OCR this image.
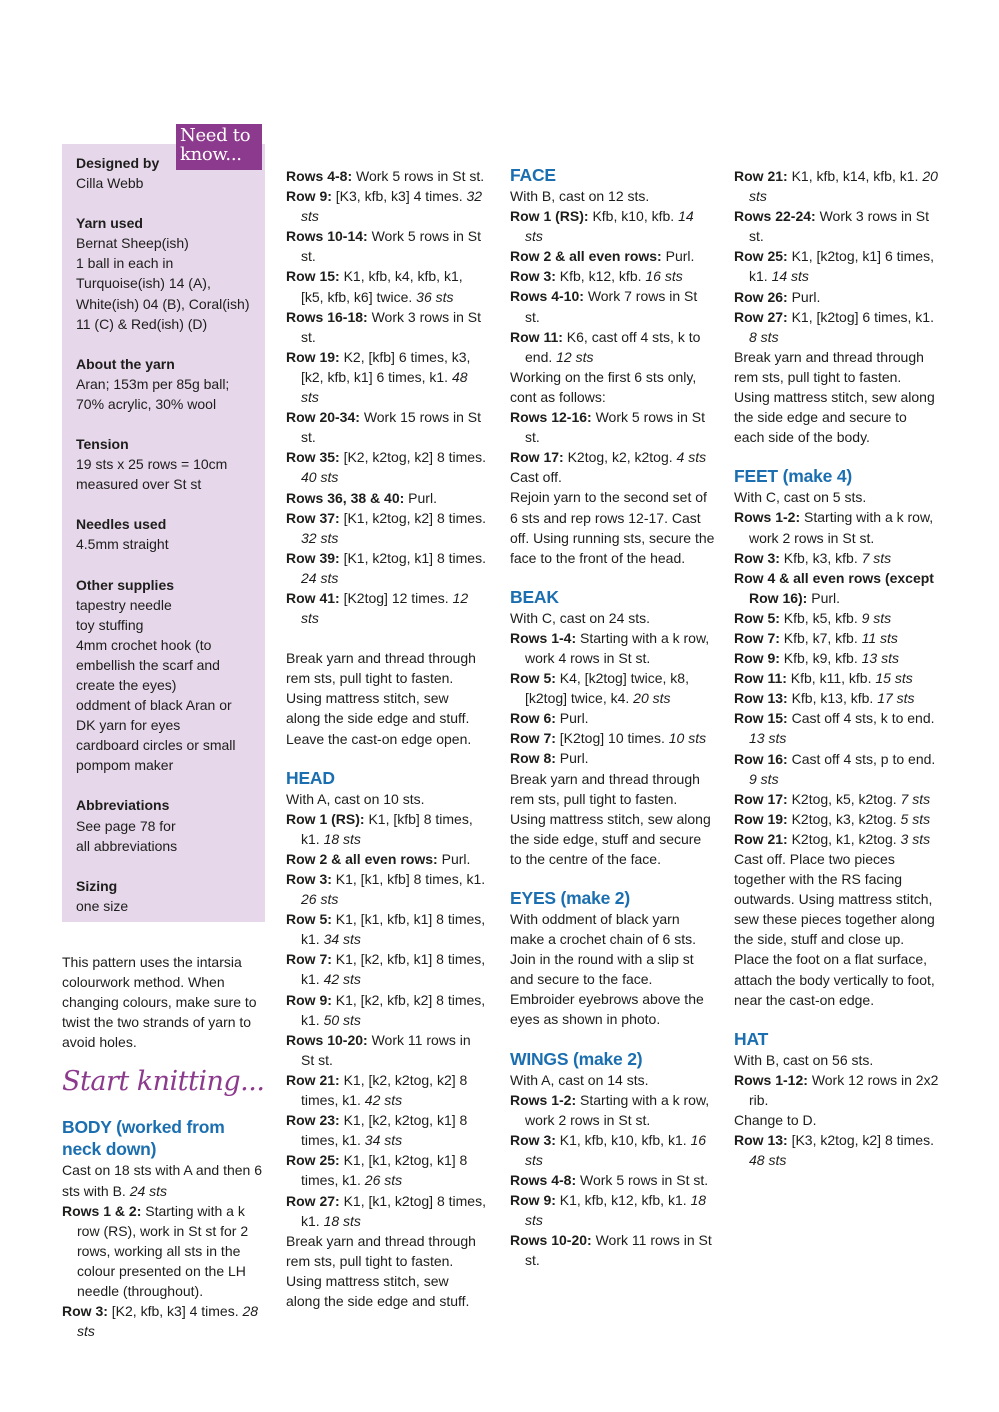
Designed by

Cilla Webb

Yarn used

Bernat Sheep(ish)

1 ball in each in

Turquoise(ish) 14 (A),

White(ish) 04 (B), Coral(ish)

11 (C) & Red(ish) (D)

About the yarn

Aran; 153m per 85g ball;

70% acrylic, 30% wool

Tension

19 sts x 25 rows = 10cm

measured over St st

Needles used

4.5mm straight

Other supplies

tapestry needle

toy stuffing

4mm crochet hook (to

embellish the scarf and

create the eyes)

oddment of black Aran or

DK yarn for eyes

cardboard circles or small

pompom maker

Abbreviations

See page 78 for

all abbreviations

Sizing

one size

Need to
know...

This pattern uses the intarsia colourwork method. When changing colours, make sure to twist the two strands of yarn to avoid holes.

Start knitting...

BODY (worked from neck down)

Cast on 18 sts with A and then 6 sts with B. 24 sts

Rows 1 & 2: Starting with a k row (RS), work in St st for 2 rows, working all sts in the colour presented on the LH needle (throughout).

Row 3: [K2, kfb, k3] 4 times. 28 sts

Rows 4-8: Work 5 rows in St st.

Row 9: [K3, kfb, k3] 4 times. 32 sts

Rows 10-14: Work 5 rows in St st.

Row 15: K1, kfb, k4, kfb, k1, [k5, kfb, k6] twice. 36 sts

Rows 16-18: Work 3 rows in St st.

Row 19: K2, [kfb] 6 times, k3, [k2, kfb, k1] 6 times, k1. 48 sts

Row 20-34: Work 15 rows in St st.

Row 35: [K2, k2tog, k2] 8 times. 40 sts

Rows 36, 38 & 40: Purl.

Row 37: [K1, k2tog, k2] 8 times. 32 sts

Row 39: [K1, k2tog, k1] 8 times. 24 sts

Row 41: [K2tog] 12 times. 12 sts

Break yarn and thread through rem sts, pull tight to fasten. Using mattress stitch, sew along the side edge and stuff. Leave the cast-on edge open.

HEAD

With A, cast on 10 sts.

Row 1 (RS): K1, [kfb] 8 times, k1. 18 sts

Row 2 & all even rows: Purl.

Row 3: K1, [k1, kfb] 8 times, k1. 26 sts

Row 5: K1, [k1, kfb, k1] 8 times, k1. 34 sts

Row 7: K1, [k2, kfb, k1] 8 times, k1. 42 sts

Row 9: K1, [k2, kfb, k2] 8 times, k1. 50 sts

Rows 10-20: Work 11 rows in St st.

Row 21: K1, [k2, k2tog, k2] 8 times, k1. 42 sts

Row 23: K1, [k2, k2tog, k1] 8 times, k1. 34 sts

Row 25: K1, [k1, k2tog, k1] 8 times, k1. 26 sts

Row 27: K1, [k1, k2tog] 8 times, k1. 18 sts

Break yarn and thread through rem sts, pull tight to fasten. Using mattress stitch, sew along the side edge and stuff.

FACE

With B, cast on 12 sts.

Row 1 (RS): Kfb, k10, kfb. 14 sts

Row 2 & all even rows: Purl.

Row 3: Kfb, k12, kfb. 16 sts

Rows 4-10: Work 7 rows in St st.

Row 11: K6, cast off 4 sts, k to end. 12 sts

Working on the first 6 sts only, cont as follows:

Rows 12-16: Work 5 rows in St st.

Row 17: K2tog, k2, k2tog. 4 sts

Cast off.

Rejoin yarn to the second set of 6 sts and rep rows 12-17. Cast off. Using running sts, secure the face to the front of the head.

BEAK

With C, cast on 24 sts.

Rows 1-4: Starting with a k row, work 4 rows in St st.

Row 5: K4, [k2tog] twice, k8, [k2tog] twice, k4. 20 sts

Row 6: Purl.

Row 7: [K2tog] 10 times. 10 sts

Row 8: Purl.

Break yarn and thread through rem sts, pull tight to fasten. Using mattress stitch, sew along the side edge, stuff and secure to the centre of the face.

EYES (make 2)

With oddment of black yarn make a crochet chain of 6 sts. Join in the round with a slip st and secure to the face. Embroider eyebrows above the eyes as shown in photo.

WINGS (make 2)

With A, cast on 14 sts.

Rows 1-2: Starting with a k row, work 2 rows in St st.

Row 3: K1, kfb, k10, kfb, k1. 16 sts

Rows 4-8: Work 5 rows in St st.

Row 9: K1, kfb, k12, kfb, k1. 18 sts

Rows 10-20: Work 11 rows in St st.

Row 21: K1, kfb, k14, kfb, k1. 20 sts

Rows 22-24: Work 3 rows in St st.

Row 25: K1, [k2tog, k1] 6 times, k1. 14 sts

Row 26: Purl.

Row 27: K1, [k2tog] 6 times, k1. 8 sts

Break yarn and thread through rem sts, pull tight to fasten. Using mattress stitch, sew along the side edge and secure to each side of the body.

FEET (make 4)

With C, cast on 5 sts.

Rows 1-2: Starting with a k row, work 2 rows in St st.

Row 3: Kfb, k3, kfb. 7 sts

Row 4 & all even rows (except Row 16): Purl.

Row 5: Kfb, k5, kfb. 9 sts

Row 7: Kfb, k7, kfb. 11 sts

Row 9: Kfb, k9, kfb. 13 sts

Row 11: Kfb, k11, kfb. 15 sts

Row 13: Kfb, k13, kfb. 17 sts

Row 15: Cast off 4 sts, k to end. 13 sts

Row 16: Cast off 4 sts, p to end. 9 sts

Row 17: K2tog, k5, k2tog. 7 sts

Row 19: K2tog, k3, k2tog. 5 sts

Row 21: K2tog, k1, k2tog. 3 sts

Cast off. Place two pieces together with the RS facing outwards. Using mattress stitch, sew these pieces together along the side, stuff and close up. Place the foot on a flat surface, attach the body vertically to foot, near the cast-on edge.

HAT

With B, cast on 56 sts.

Rows 1-12: Work 12 rows in 2x2 rib.

Change to D.

Row 13: [K3, k2tog, k2] 8 times. 48 sts
